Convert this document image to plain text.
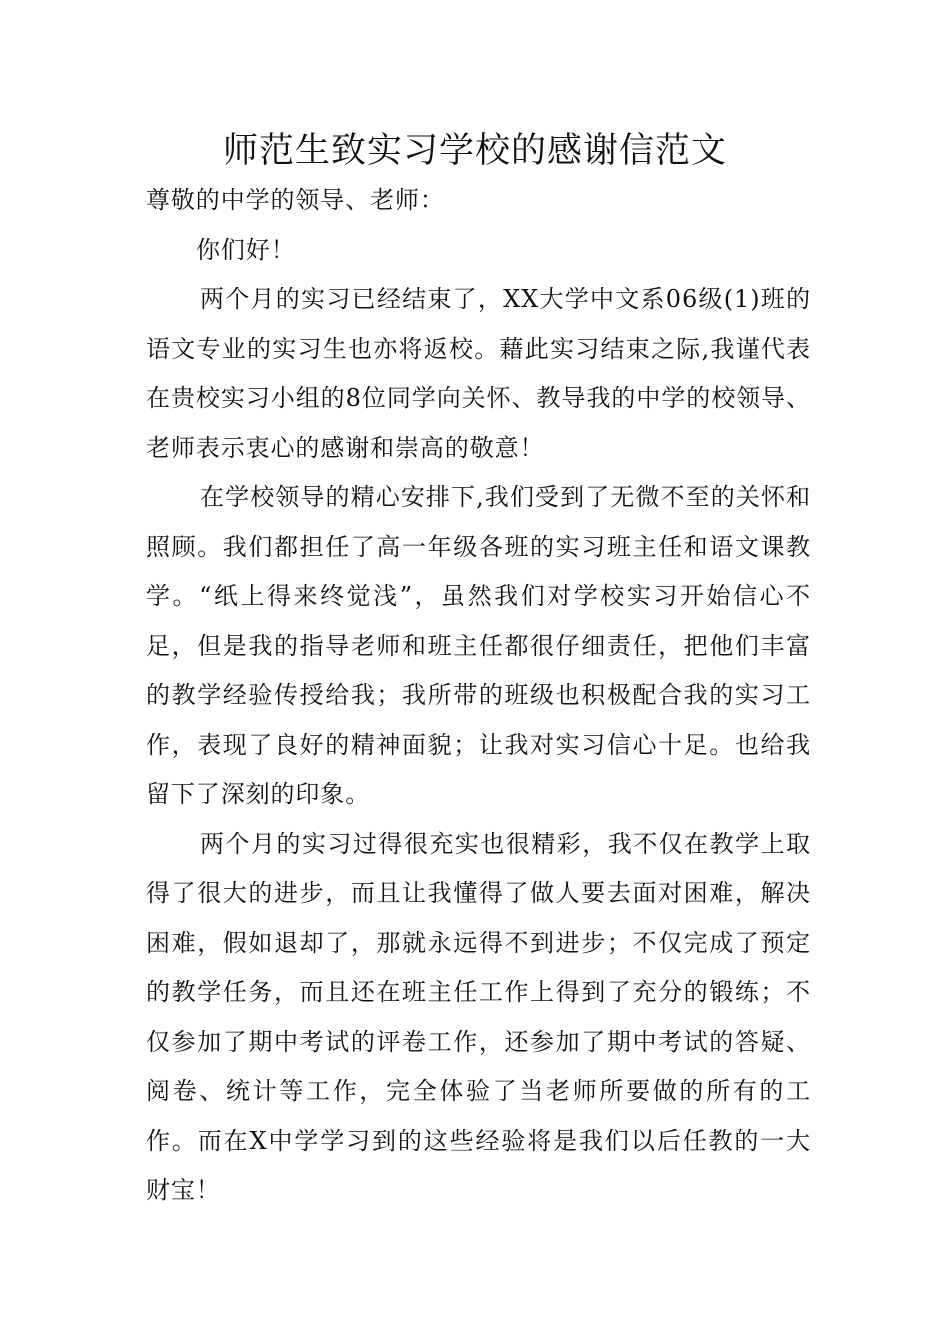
师范生致实习学校的感谢信范文

尊敬的中学的领导、老师：

你们好！

两个月的实习已经结束了，XX大学中文系06级(1)班的语文专业的实习生也亦将返校。藉此实习结束之际,我谨代表在贵校实习小组的8位同学向关怀、教导我的中学的校领导、老师表示衷心的感谢和崇高的敬意！

在学校领导的精心安排下,我们受到了无微不至的关怀和照顾。我们都担任了高一年级各班的实习班主任和语文课教学。“纸上得来终觉浅”，虽然我们对学校实习开始信心不足，但是我的指导老师和班主任都很仔细责任，把他们丰富的教学经验传授给我；我所带的班级也积极配合我的实习工作，表现了良好的精神面貌；让我对实习信心十足。也给我留下了深刻的印象。

两个月的实习过得很充实也很精彩，我不仅在教学上取得了很大的进步，而且让我懂得了做人要去面对困难，解决困难，假如退却了，那就永远得不到进步；不仅完成了预定的教学任务，而且还在班主任工作上得到了充分的锻练；不仅参加了期中考试的评卷工作，还参加了期中考试的答疑、阅卷、统计等工作，完全体验了当老师所要做的所有的工作。而在X中学学习到的这些经验将是我们以后任教的一大财宝！
